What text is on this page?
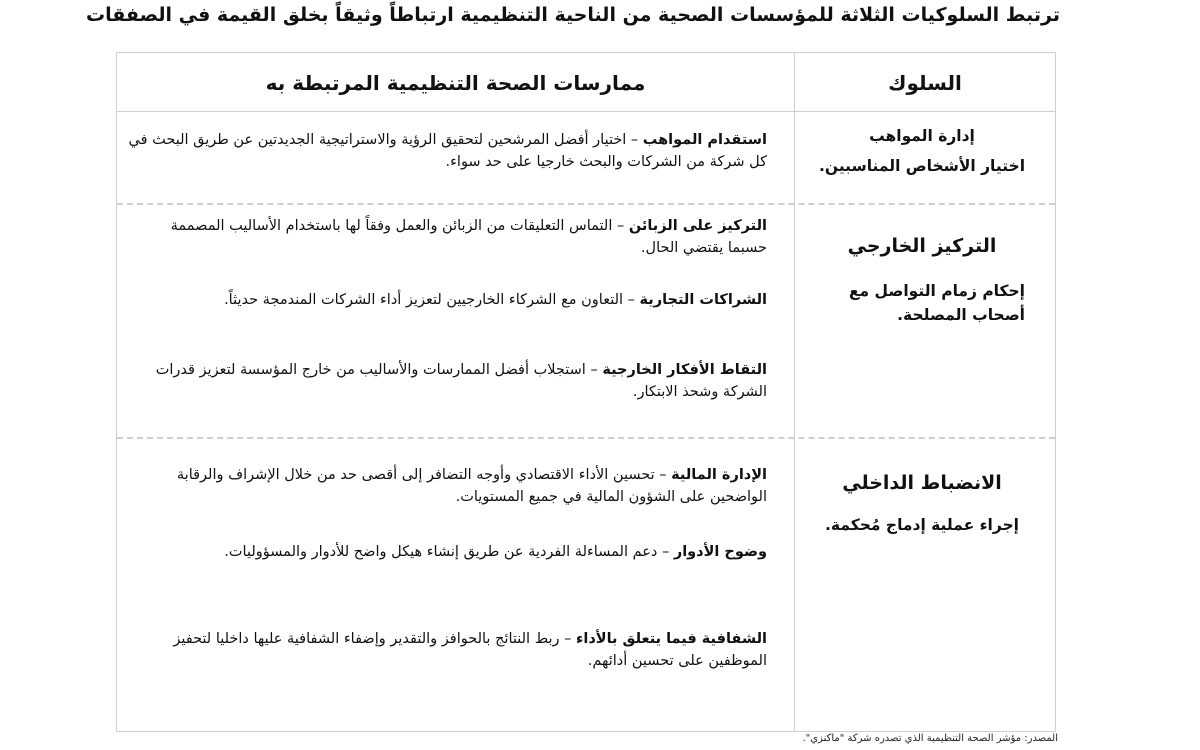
ترتبط السلوكيات الثلاثة للمؤسسات الصحية من الناحية التنظيمية ارتباطاً وثيقاً بخلق القيمة في الصفقات
السلوك
ممارسات الصحة التنظيمية المرتبطة به
إدارة المواهب
اختيار الأشخاص المناسبين.
استقدام المواهب – اختيار أفضل المرشحين لتحقيق الرؤية والاستراتيجية الجديدتين عن طريق البحث في كل شركة من الشركات والبحث خارجيا على حد سواء.
التركيز الخارجي
إحكام زمام التواصل مع أصحاب المصلحة.
التركيز على الزبائن – التماس التعليقات من الزبائن والعمل وفقاً لها باستخدام الأساليب المصممة حسبما يقتضي الحال.
الشراكات التجارية – التعاون مع الشركاء الخارجيين لتعزيز أداء الشركات المندمجة حديثاً.
التقاط الأفكار الخارجية – استجلاب أفضل الممارسات والأساليب من خارج المؤسسة لتعزيز قدرات الشركة وشحذ الابتكار.
الانضباط الداخلي
إجراء عملية إدماج مُحكمة.
الإدارة المالية – تحسين الأداء الاقتصادي وأوجه التضافر إلى أقصى حد من خلال الإشراف والرقابة الواضحين على الشؤون المالية في جميع المستويات.
وضوح الأدوار – دعم المساءلة الفردية عن طريق إنشاء هيكل واضح للأدوار والمسؤوليات.
الشفافية فيما يتعلق بالأداء – ربط النتائج بالحوافز والتقدير وإضفاء الشفافية عليها داخليا لتحفيز الموظفين على تحسين أدائهم.
المصدر: مؤشر الصحة التنظيمية الذي تصدره شركة "ماكنزي".
